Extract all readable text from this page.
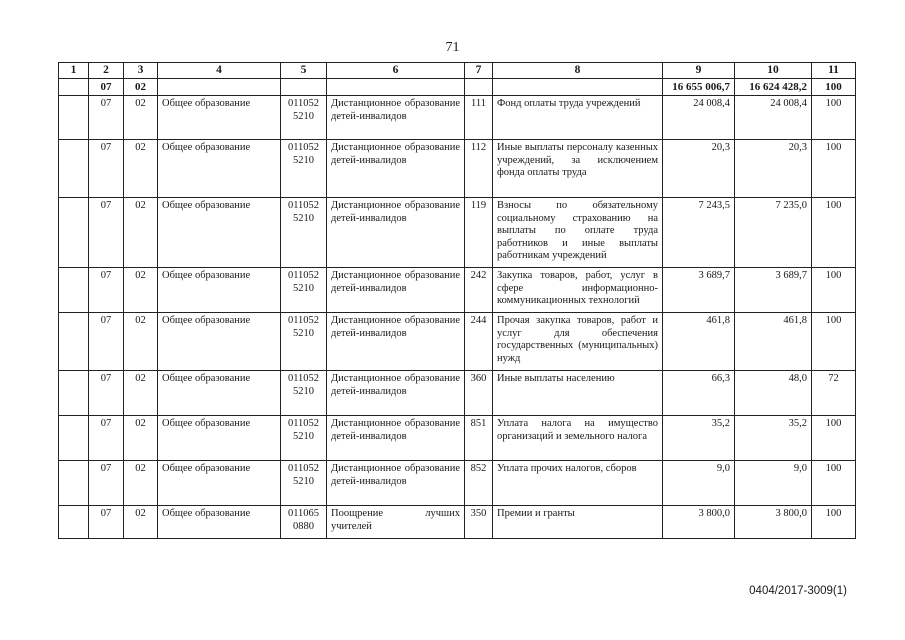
71
1	2	3	4	5	6	7	8	9	10	11
	07	02						16 655 006,7	16 624 428,2	100
	07	02	Общее образование	011052 5210	Дистанционное образование детей-инвалидов	111	Фонд оплаты труда учреждений	24 008,4	24 008,4	100
	07	02	Общее образование	011052 5210	Дистанционное образование детей-инвалидов	112	Иные выплаты персоналу казенных учреждений, за исключением фонда оплаты труда	20,3	20,3	100
	07	02	Общее образование	011052 5210	Дистанционное образование детей-инвалидов	119	Взносы по обязательному социальному страхованию на выплаты по оплате труда работников и иные выплаты работникам учреждений	7 243,5	7 235,0	100
	07	02	Общее образование	011052 5210	Дистанционное образование детей-инвалидов	242	Закупка товаров, работ, услуг в сфере информационно-коммуникационных технологий	3 689,7	3 689,7	100
	07	02	Общее образование	011052 5210	Дистанционное образование детей-инвалидов	244	Прочая закупка товаров, работ и услуг для обеспечения государственных (муниципальных) нужд	461,8	461,8	100
	07	02	Общее образование	011052 5210	Дистанционное образование детей-инвалидов	360	Иные выплаты населению	66,3	48,0	72
	07	02	Общее образование	011052 5210	Дистанционное образование детей-инвалидов	851	Уплата налога на имущество организаций и земельного налога	35,2	35,2	100
	07	02	Общее образование	011052 5210	Дистанционное образование детей-инвалидов	852	Уплата прочих налогов, сборов	9,0	9,0	100
	07	02	Общее образование	011065 0880	Поощрение лучших учителей	350	Премии и гранты	3 800,0	3 800,0	100
0404/2017-3009(1)
